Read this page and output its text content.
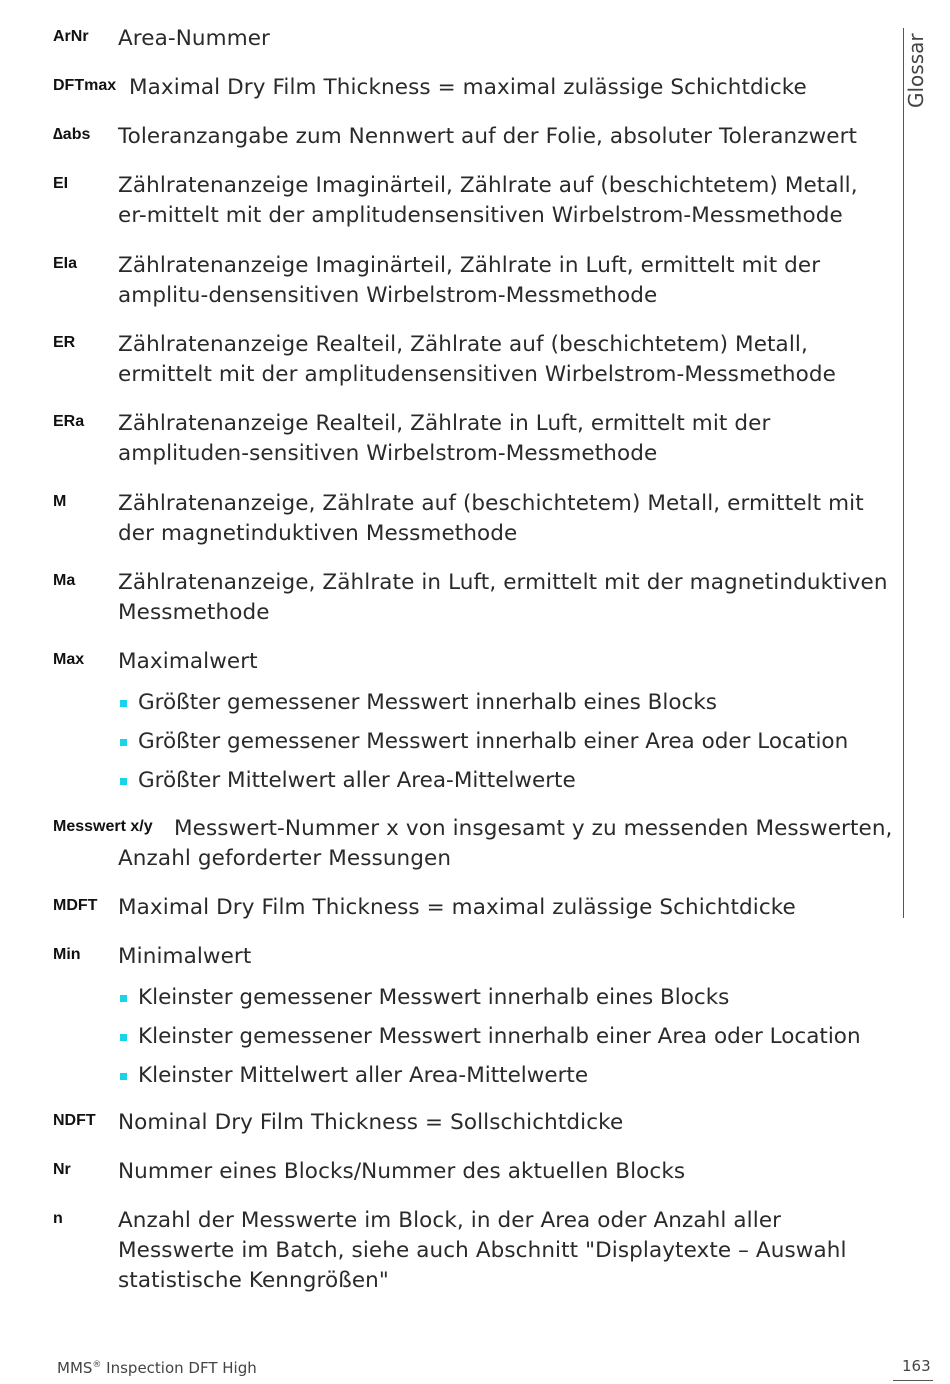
Glossar
ArNr Area-Nummer
DFTmax Maximal Dry Film Thickness = maximal zulässige Schichtdicke
∆abs Toleranzangabe zum Nennwert auf der Folie, absoluter Toleranzwert
EI Zählratenanzeige Imaginärteil, Zählrate auf (beschichtetem) Metall, er-mittelt mit der amplitudensensitiven Wirbelstrom-Messmethode
EIa Zählratenanzeige Imaginärteil, Zählrate in Luft, ermittelt mit der amplitu-densensitiven Wirbelstrom-Messmethode
ER Zählratenanzeige Realteil, Zählrate auf (beschichtetem) Metall, ermittelt mit der amplitudensensitiven Wirbelstrom-Messmethode
ERa Zählratenanzeige Realteil, Zählrate in Luft, ermittelt mit der amplituden-sensitiven Wirbelstrom-Messmethode
M Zählratenanzeige, Zählrate auf (beschichtetem) Metall, ermittelt mit der magnetinduktiven Messmethode
Ma Zählratenanzeige, Zählrate in Luft, ermittelt mit der magnetinduktiven Messmethode
Max Maximalwert
Größter gemessener Messwert innerhalb eines Blocks
Größter gemessener Messwert innerhalb einer Area oder Location
Größter Mittelwert aller Area-Mittelwerte
Messwert x/y Messwert-Nummer x von insgesamt y zu messenden Messwerten, Anzahl geforderter Messungen
MDFT Maximal Dry Film Thickness = maximal zulässige Schichtdicke
Min Minimalwert
Kleinster gemessener Messwert innerhalb eines Blocks
Kleinster gemessener Messwert innerhalb einer Area oder Location
Kleinster Mittelwert aller Area-Mittelwerte
NDFT Nominal Dry Film Thickness = Sollschichtdicke
Nr Nummer eines Blocks/Nummer des aktuellen Blocks
n	Anzahl der Messwerte im Block, in der Area oder Anzahl aller Messwerte im Batch, siehe auch Abschnitt "Displaytexte – Auswahl statistische Kenngrößen"
MMS® Inspection DFT High	163
